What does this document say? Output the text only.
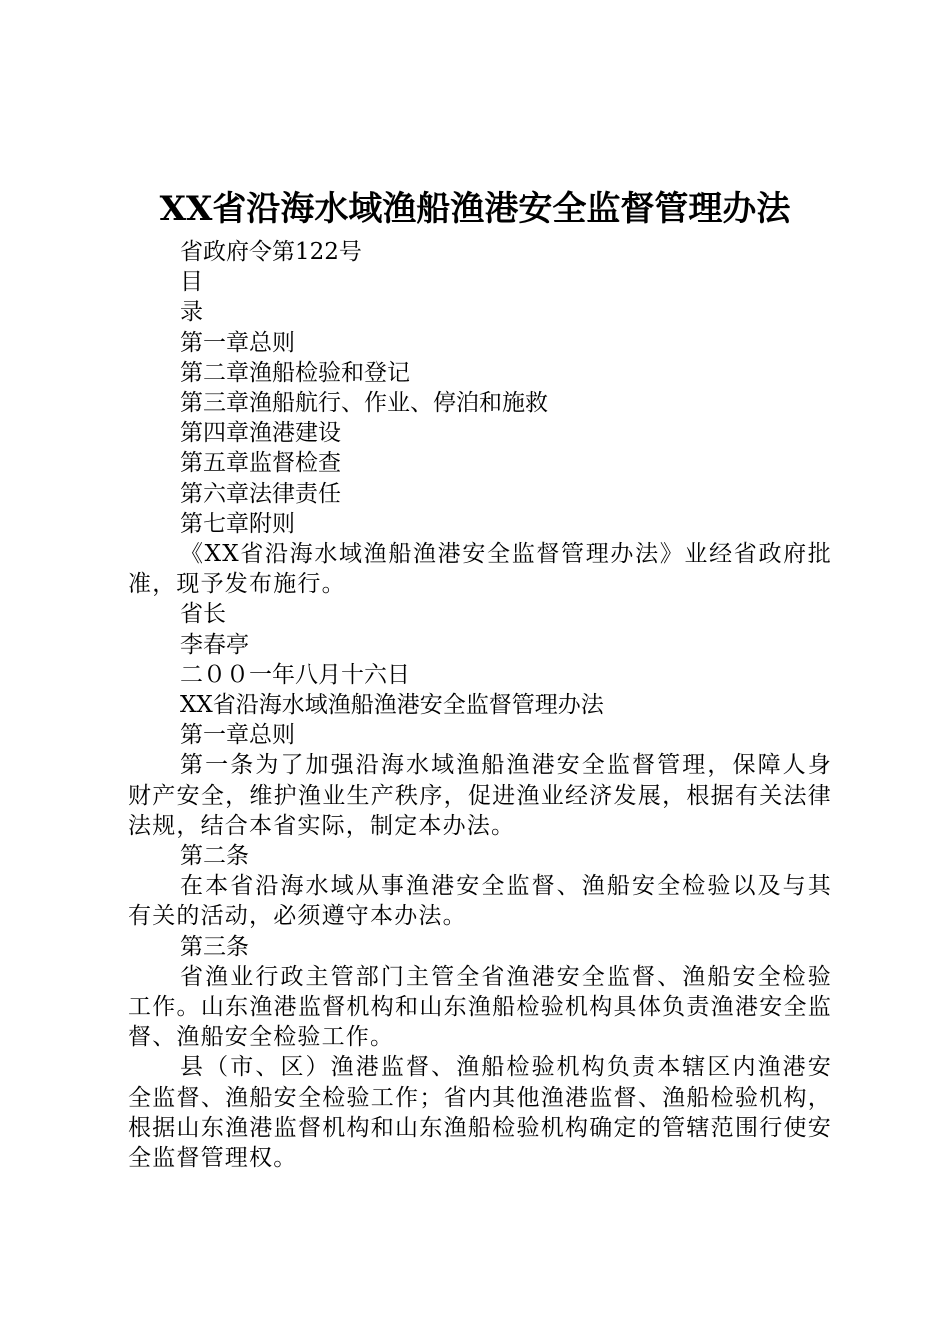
XX省沿海水域渔船渔港安全监督管理办法

省政府令第122号

目

录

第一章总则

第二章渔船检验和登记

第三章渔船航行、作业、停泊和施救

第四章渔港建设

第五章监督检查

第六章法律责任

第七章附则

《XX省沿海水域渔船渔港安全监督管理办法》业经省政府批准，现予发布施行。

省长

李春亭

二００一年八月十六日

XX省沿海水域渔船渔港安全监督管理办法

第一章总则

第一条为了加强沿海水域渔船渔港安全监督管理，保障人身财产安全，维护渔业生产秩序，促进渔业经济发展，根据有关法律法规，结合本省实际，制定本办法。

第二条

在本省沿海水域从事渔港安全监督、渔船安全检验以及与其有关的活动，必须遵守本办法。

第三条

省渔业行政主管部门主管全省渔港安全监督、渔船安全检验工作。山东渔港监督机构和山东渔船检验机构具体负责渔港安全监督、渔船安全检验工作。

县（市、区）渔港监督、渔船检验机构负责本辖区内渔港安全监督、渔船安全检验工作；省内其他渔港监督、渔船检验机构，根据山东渔港监督机构和山东渔船检验机构确定的管辖范围行使安全监督管理权。
